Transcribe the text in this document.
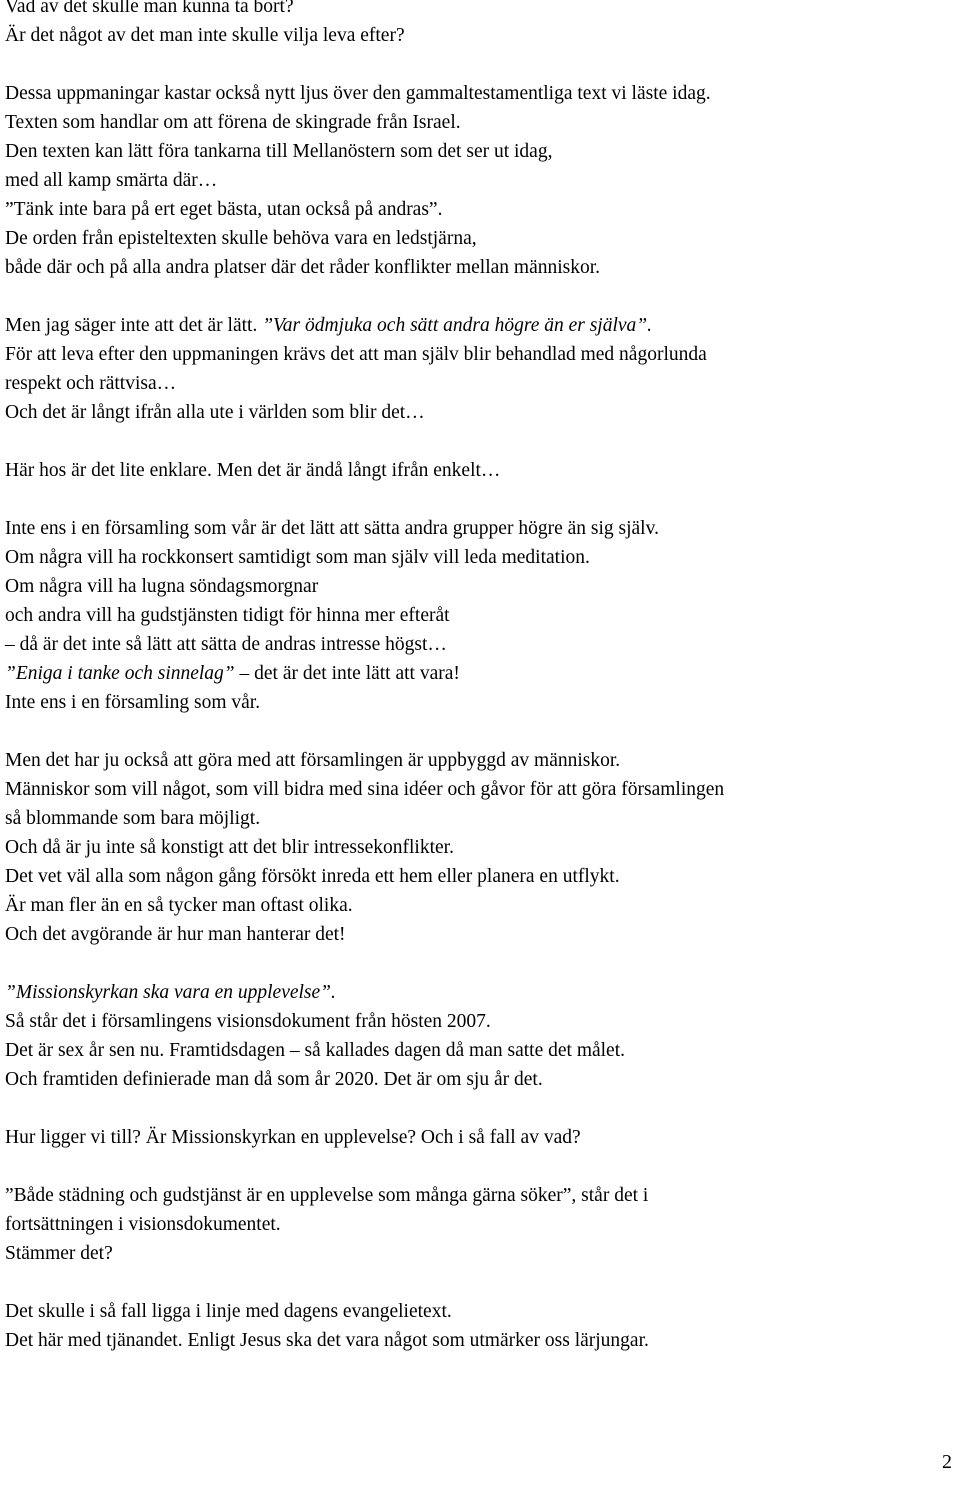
Vad av det skulle man kunna ta bort?
Är det något av det man inte skulle vilja leva efter?
Dessa uppmaningar kastar också nytt ljus över den gammaltestamentliga text vi läste idag.
Texten som handlar om att förena de skingrade från Israel.
Den texten kan lätt föra tankarna till Mellanöstern som det ser ut idag,
med all kamp smärta där…
”Tänk inte bara på ert eget bästa, utan också på andras”.
De orden från episteltexten skulle behöva vara en ledstjärna,
både där och på alla andra platser där det råder konflikter mellan människor.
Men jag säger inte att det är lätt. ”Var ödmjuka och sätt andra högre än er själva”.
För att leva efter den uppmaningen krävs det att man själv blir behandlad med någorlunda
respekt och rättvisa…
Och det är långt ifrån alla ute i världen som blir det…
Här hos är det lite enklare. Men det är ändå långt ifrån enkelt…
Inte ens i en församling som vår är det lätt att sätta andra grupper högre än sig själv.
Om några vill ha rockkonsert samtidigt som man själv vill leda meditation.
Om några vill ha lugna söndagsmorgnar
och andra vill ha gudstjänsten tidigt för hinna mer efteråt
– då är det inte så lätt att sätta de andras intresse högst…
”Eniga i tanke och sinnelag” – det är det inte lätt att vara!
Inte ens i en församling som vår.
Men det har ju också att göra med att församlingen är uppbyggd av människor.
Människor som vill något, som vill bidra med sina idéer och gåvor för att göra församlingen
så blommande som bara möjligt.
Och då är ju inte så konstigt att det blir intressekonflikter.
Det vet väl alla som någon gång försökt inreda ett hem eller planera en utflykt.
Är man fler än en så tycker man oftast olika.
Och det avgörande är hur man hanterar det!
”Missionskyrkan ska vara en upplevelse”.
Så står det i församlingens visionsdokument från hösten 2007.
Det är sex år sen nu. Framtidsdagen – så kallades dagen då man satte det målet.
Och framtiden definierade man då som år 2020. Det är om sju år det.
Hur ligger vi till? Är Missionskyrkan en upplevelse? Och i så fall av vad?
”Både städning och gudstjänst är en upplevelse som många gärna söker”, står det i
fortsättningen i visionsdokumentet.
Stämmer det?
Det skulle i så fall ligga i linje med dagens evangelietext.
Det här med tjänandet. Enligt Jesus ska det vara något som utmärker oss lärjungar.
2
